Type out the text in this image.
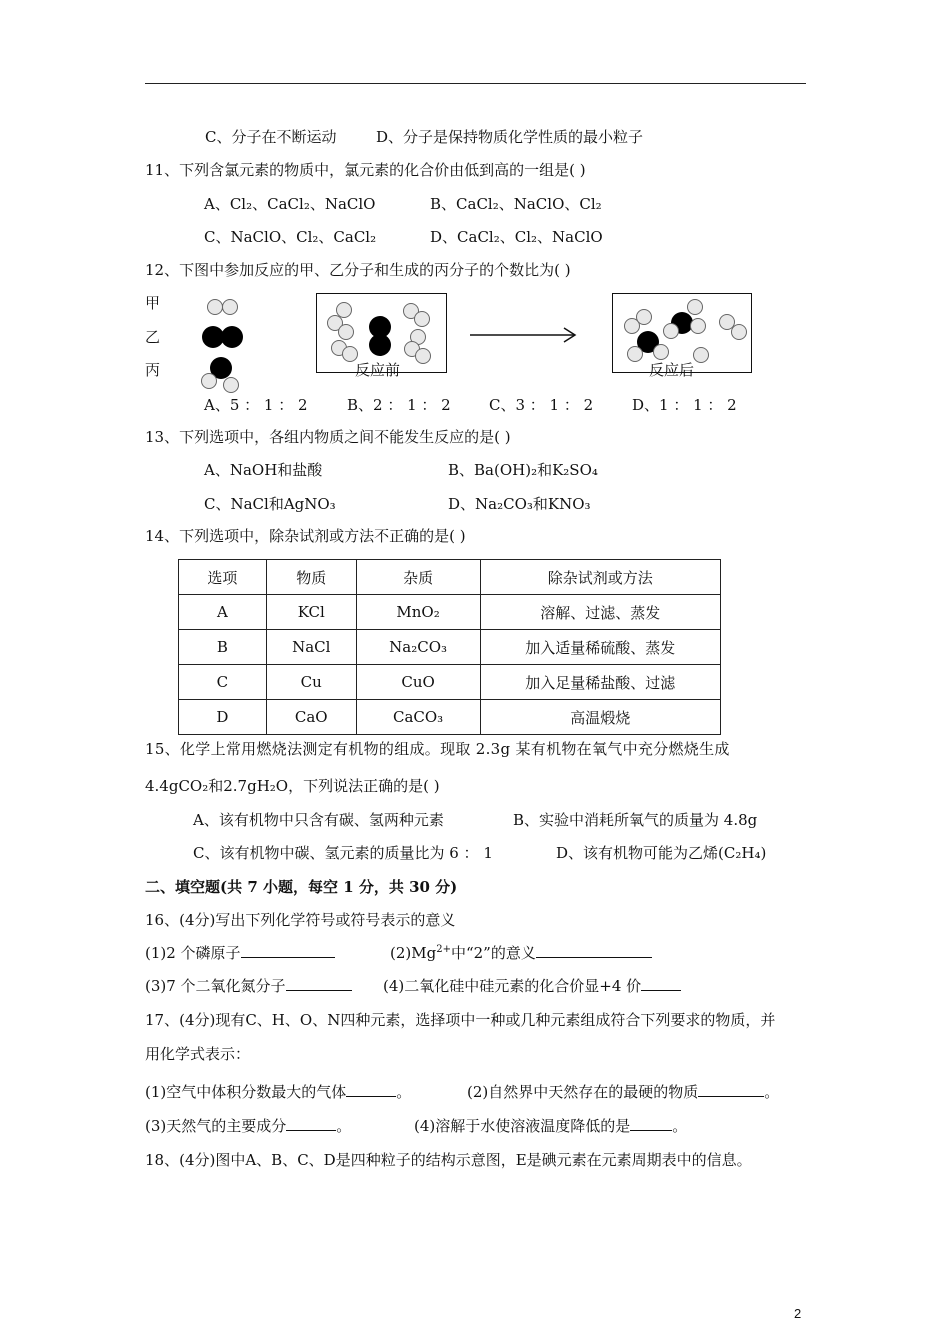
C、分子在不断运动	D、分子是保持物质化学性质的最小粒子
11、下列含氯元素的物质中，氯元素的化合价由低到高的一组是( )
A、Cl₂、CaCl₂、NaClO	B、CaCl₂、NaClO、Cl₂
C、NaClO、Cl₂、CaCl₂	D、CaCl₂、Cl₂、NaClO
12、下图中参加反应的甲、乙分子和生成的丙分子的个数比为( )
甲
乙
丙	反应前	反应后
A、5 ： 1 ： 2	B、2 ： 1 ： 2	C、3 ： 1 ： 2	D、1 ： 1 ： 2
13、下列选项中，各组内物质之间不能发生反应的是( )
A、NaOH和盐酸	B、Ba(OH)₂和K₂SO₄
C、NaCl和AgNO₃	D、Na₂CO₃和KNO₃
14、下列选项中，除杂试剂或方法不正确的是( )
选项	物质	杂质	除杂试剂或方法
A	KCl	MnO₂	溶解、过滤、蒸发
B	NaCl	Na₂CO₃	加入适量稀硫酸、蒸发
C	Cu	CuO	加入足量稀盐酸、过滤
D	CaO	CaCO₃	高温煅烧
15、化学上常用燃烧法测定有机物的组成。现取 2.3g 某有机物在氧气中充分燃烧生成
4.4gCO₂和2.7gH₂O，下列说法正确的是( )
A、该有机物中只含有碳、氢两种元素	B、实验中消耗所氧气的质量为 4.8g
C、该有机物中碳、氢元素的质量比为 6 ： 1	D、该有机物可能为乙烯(C₂H₄)
二、填空题(共 7 小题，每空 1 分，共 30 分)
16、(4分)写出下列化学符号或符号表示的意义
(1)2 个磷原子	$(2)Mg^{2+}$中“2”的意义
(3)7 个二氧化氮分子	(4)二氧化硅中硅元素的化合价显+4 价
17、(4分)现有C、H、O、N四种元素，选择项中一种或几种元素组成符合下列要求的物质，并
用化学式表示：
(1)空气中体积分数最大的气体	。	(2)自然界中天然存在的最硬的物质	。
(3)天然气的主要成分	。	(4)溶解于水使溶液温度降低的是	。
18、(4分)图中A、B、C、D是四种粒子的结构示意图，E是碘元素在元素周期表中的信息。
2
